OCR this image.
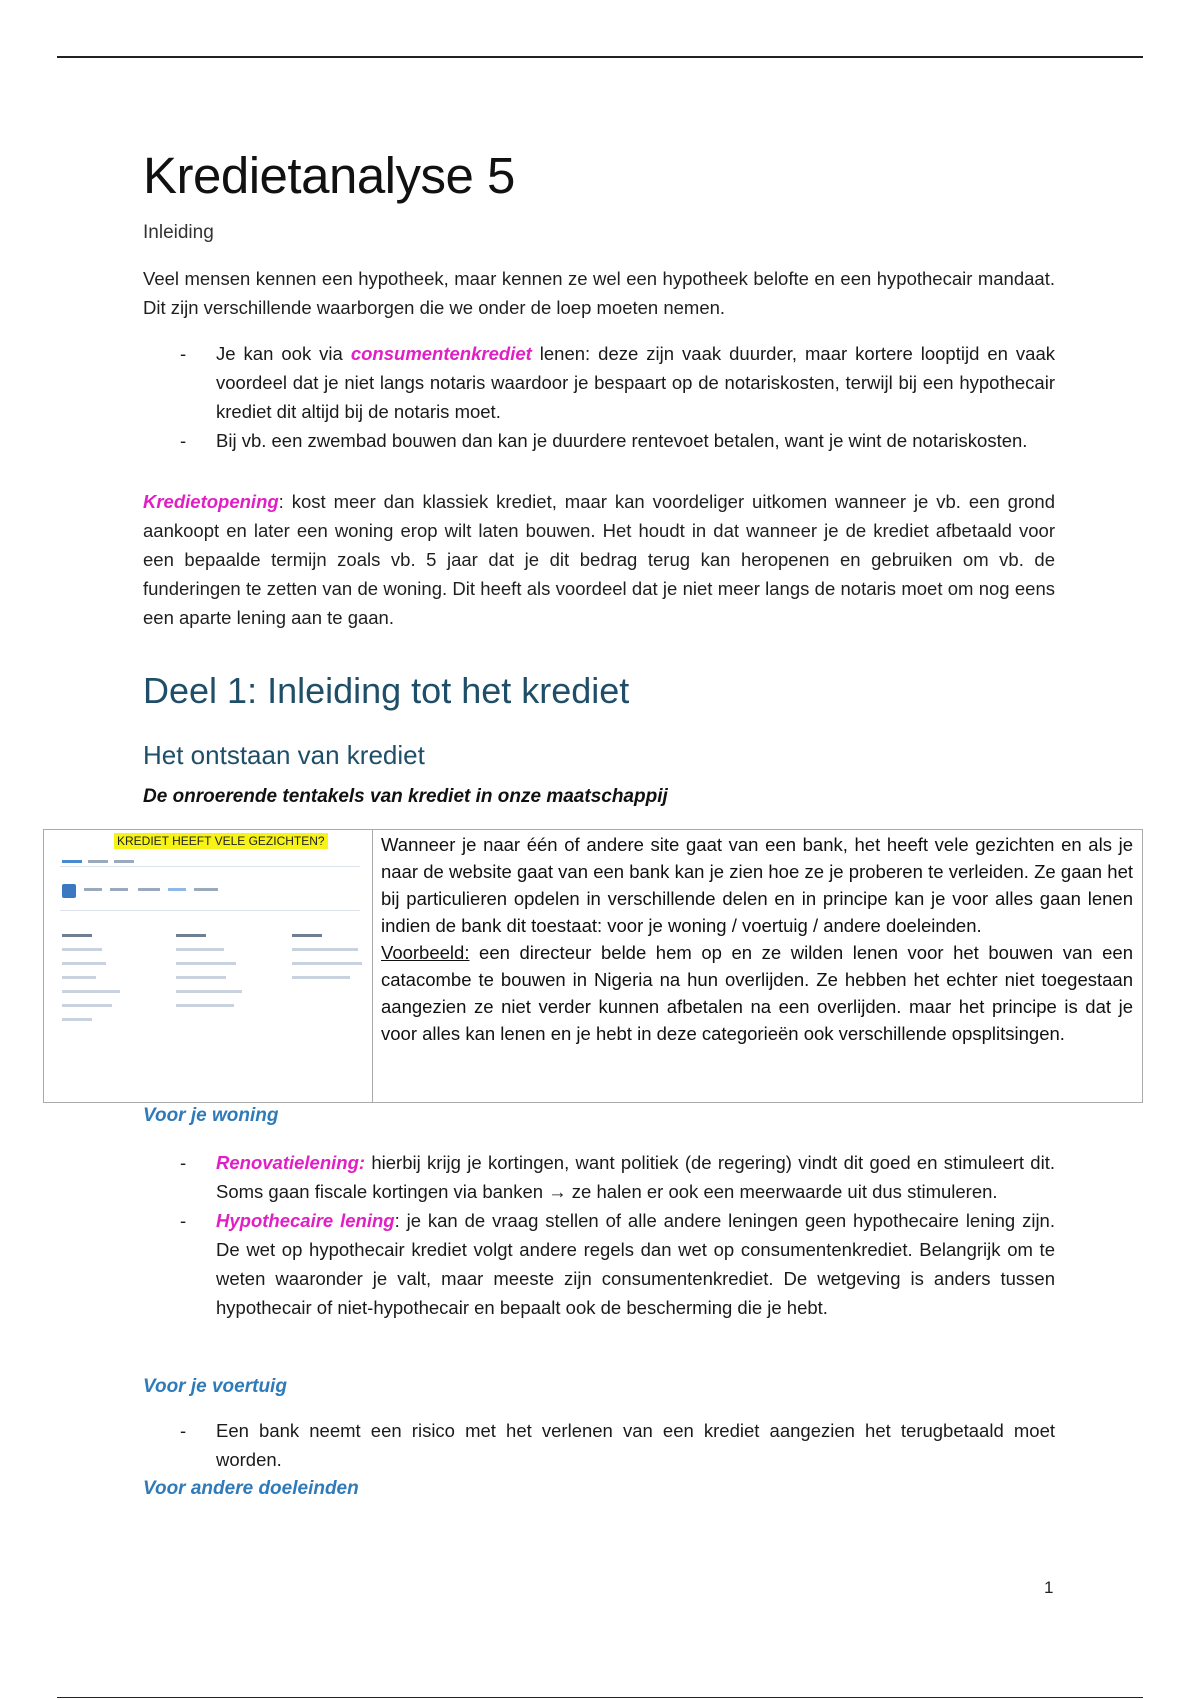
Kredietanalyse 5
Inleiding

Veel mensen kennen een hypotheek, maar kennen ze wel een hypotheek belofte en een hypothecair mandaat. Dit zijn verschillende waarborgen die we onder de loep moeten nemen.

- Je kan ook via consumentenkrediet lenen: deze zijn vaak duurder, maar kortere looptijd en vaak voordeel dat je niet langs notaris waardoor je bespaart op de notariskosten, terwijl bij een hypothecair krediet dit altijd bij de notaris moet.
- Bij vb. een zwembad bouwen dan kan je duurdere rentevoet betalen, want je wint de notariskosten.

Kredietopening: kost meer dan klassiek krediet, maar kan voordeliger uitkomen wanneer je vb. een grond aankoopt en later een woning erop wilt laten bouwen. Het houdt in dat wanneer je de krediet afbetaald voor een bepaalde termijn zoals vb. 5 jaar dat je dit bedrag terug kan heropenen en gebruiken om vb. de funderingen te zetten van de woning. Dit heeft als voordeel dat je niet meer langs de notaris moet om nog eens een aparte lening aan te gaan.

Deel 1: Inleiding tot het krediet
Het ontstaan van krediet
De onroerende tentakels van krediet in onze maatschappij
Voor je woning
- Renovatielening: hierbij krijg je kortingen, want politiek (de regering) vindt dit goed en stimuleert dit. Soms gaan fiscale kortingen via banken → ze halen er ook een meerwaarde uit dus stimuleren.
- Hypothecaire lening: je kan de vraag stellen of alle andere leningen geen hypothecaire lening zijn. De wet op hypothecair krediet volgt andere regels dan wet op consumentenkrediet. Belangrijk om te weten waaronder je valt, maar meeste zijn consumentenkrediet. De wetgeving is anders tussen hypothecair of niet-hypothecair en bepaalt ook de bescherming die je hebt.
Voor je voertuig
- Een bank neemt een risico met het verlenen van een krediet aangezien het terugbetaald moet worden.
Voor andere doeleinden
KREDIET HEEFT VELE GEZICHTEN?	Wanneer je naar één of andere site gaat van een bank, het heeft vele gezichten en als je naar de website gaat van een bank kan je zien hoe ze je proberen te verleiden. Ze gaan het bij particulieren opdelen in verschillende delen en in principe kan je voor alles gaan lenen indien de bank dit toestaat: voor je woning / voertuig / andere doeleinden.
Voorbeeld: een directeur belde hem op en ze wilden lenen voor het bouwen van een catacombe te bouwen in Nigeria na hun overlijden. Ze hebben het echter niet toegestaan aangezien ze niet verder kunnen afbetalen na een overlijden. maar het principe is dat je voor alles kan lenen en je hebt in deze categorieën ook verschillende opsplitsingen.
1
